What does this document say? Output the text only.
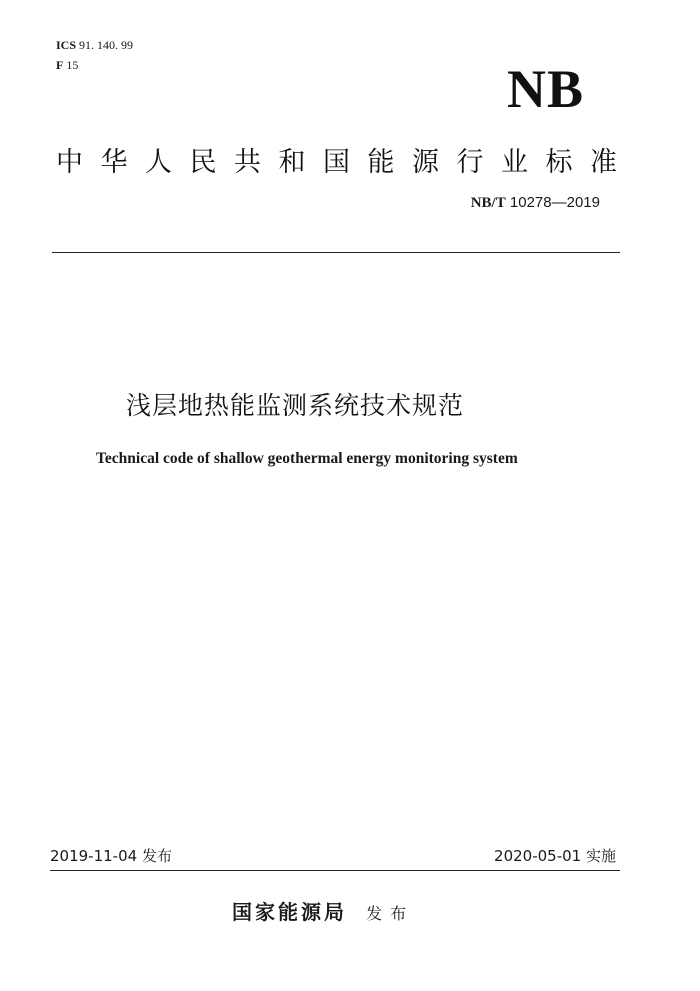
ICS 91. 140. 99
F 15	NB
中华人民共和国能源行业标准
NB/T 10278—2019
浅层地热能监测系统技术规范
Technical code of shallow geothermal energy monitoring system
2019-11-04 发布	2020-05-01 实施
国家能源局 发布
